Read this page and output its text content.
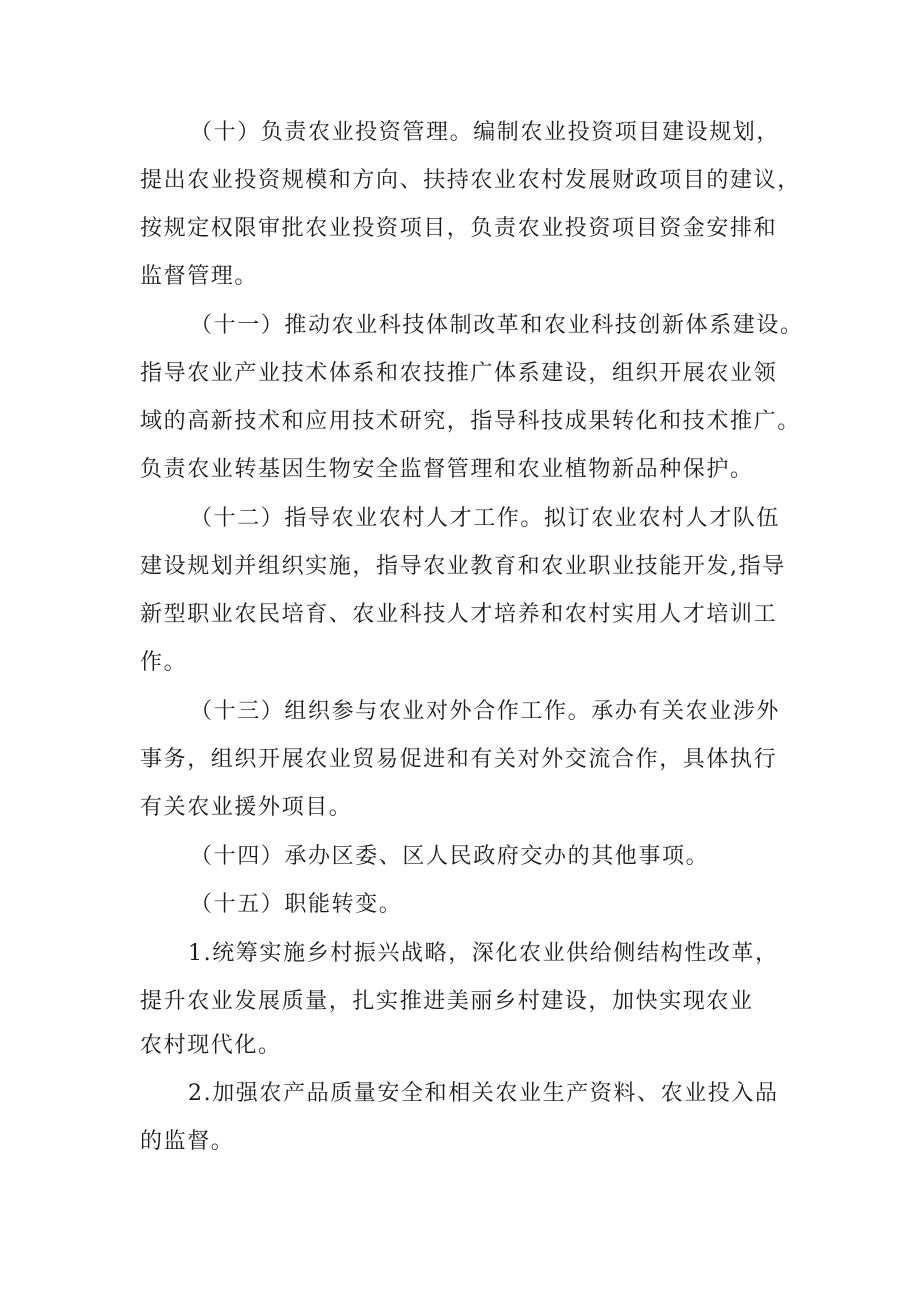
（十）负责农业投资管理。编制农业投资项目建设规划，
提出农业投资规模和方向、扶持农业农村发展财政项目的建议，
按规定权限审批农业投资项目，负责农业投资项目资金安排和
监督管理。
（十一）推动农业科技体制改革和农业科技创新体系建设。
指导农业产业技术体系和农技推广体系建设，组织开展农业领
域的高新技术和应用技术研究，指导科技成果转化和技术推广。
负责农业转基因生物安全监督管理和农业植物新品种保护。
（十二）指导农业农村人才工作。拟订农业农村人才队伍
建设规划并组织实施，指导农业教育和农业职业技能开发,指导
新型职业农民培育、农业科技人才培养和农村实用人才培训工
作。
（十三）组织参与农业对外合作工作。承办有关农业涉外
事务，组织开展农业贸易促进和有关对外交流合作，具体执行
有关农业援外项目。
（十四）承办区委、区人民政府交办的其他事项。
（十五）职能转变。
1.统筹实施乡村振兴战略，深化农业供给侧结构性改革，
提升农业发展质量，扎实推进美丽乡村建设，加快实现农业
农村现代化。
2.加强农产品质量安全和相关农业生产资料、农业投入品
的监督。
